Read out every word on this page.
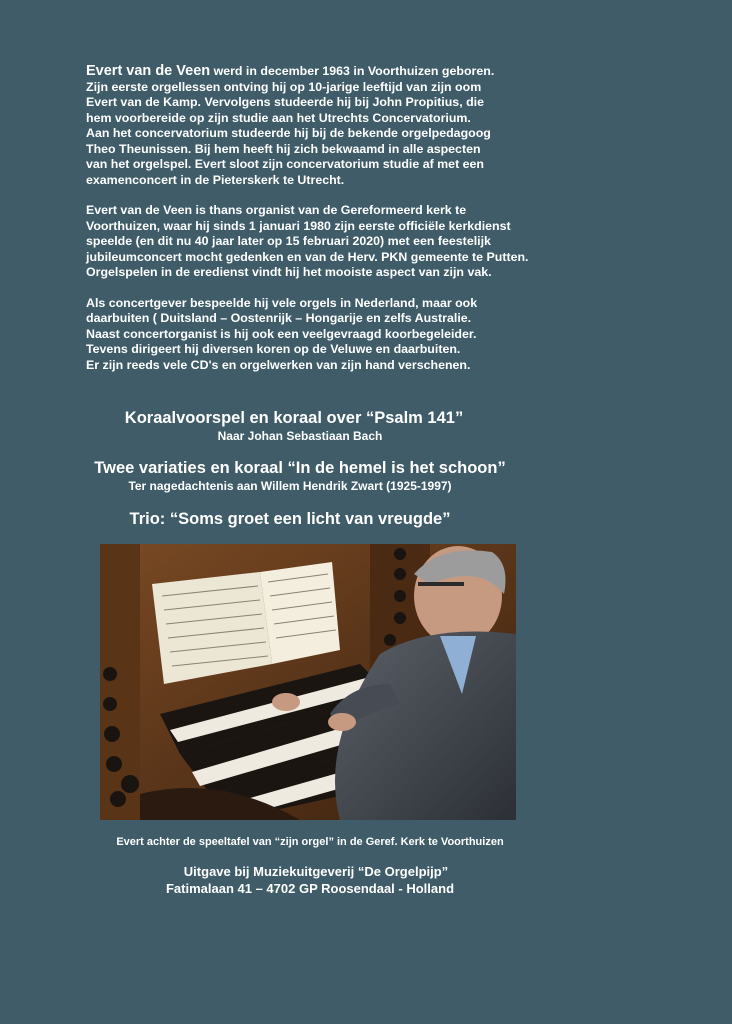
Evert van de Veen werd in december 1963 in Voorthuizen geboren.
Zijn eerste orgellessen ontving hij op 10-jarige leeftijd van zijn oom
Evert van de Kamp. Vervolgens studeerde hij bij John Propitius, die
hem voorbereide op zijn studie aan het Utrechts Concervatorium.
Aan het concervatorium studeerde hij bij de bekende orgelpedagoog
Theo Theunissen. Bij hem heeft hij zich bekwaamd in alle aspecten
van het orgelspel. Evert sloot zijn concervatorium studie af met een
examenconcert in de Pieterskerk te Utrecht.

Evert van de Veen is thans organist van de Gereformeerd kerk te
Voorthuizen, waar hij sinds 1 januari 1980 zijn eerste officiële kerkdienst
speelde (en dit nu 40 jaar later op 15 februari 2020) met een feestelijk
jubileumconcert mocht gedenken en van de Herv. PKN gemeente te Putten.
Orgelspelen in de eredienst vindt hij het mooiste aspect van zijn vak.

Als concertgever bespeelde hij vele orgels in Nederland, maar ook
daarbuiten ( Duitsland – Oostenrijk – Hongarije en zelfs Australie.
Naast concertorganist is hij ook een veelgevraagd koorbegeleider.
Tevens dirigeert hij diversen koren op de Veluwe en daarbuiten.
Er zijn reeds vele CD's en orgelwerken van zijn hand verschenen.

Koraalvoorspel en koraal over “Psalm 141”
Naar Johan Sebastiaan Bach
Twee variaties en koraal “In de hemel is het schoon”
Ter nagedachtenis aan Willem Hendrik Zwart (1925-1997)
Trio: “Soms groet een licht van vreugde”
Evert achter de speeltafel van “zijn orgel” in de Geref. Kerk te Voorthuizen
Uitgave bij Muziekuitgeverij “De Orgelpijp”
Fatimalaan 41 – 4702 GP Roosendaal - Holland
